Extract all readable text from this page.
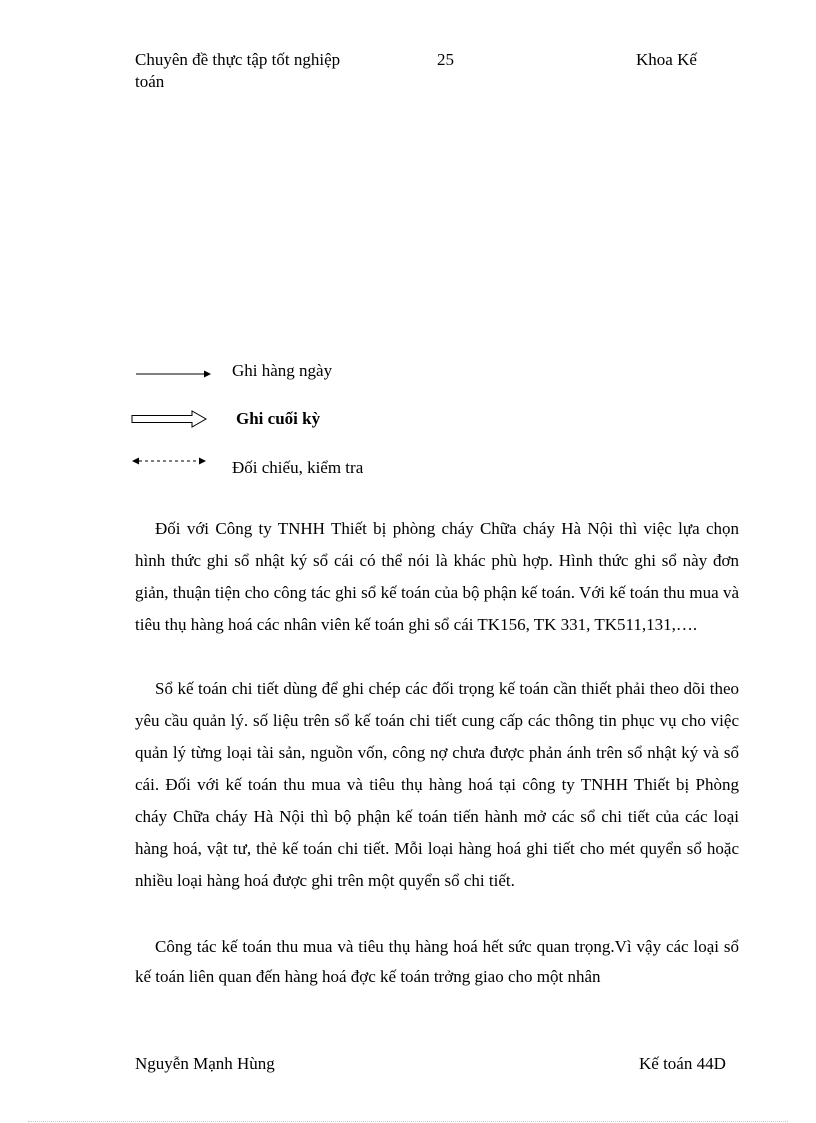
Chuyên đề thực tập tốt nghiệp
toán
25	Khoa Kế
Ghi hàng ngày
Ghi cuối kỳ
Đối chiếu, kiểm tra

Đối với Công ty TNHH Thiết bị phòng cháy Chữa cháy Hà Nội thì việc lựa chọn hình thức ghi sổ nhật ký sổ cái có thể nói là khác phù hợp. Hình thức ghi sổ này đơn giản, thuận tiện cho công tác ghi sổ kế toán của bộ phận kế toán. Với kế toán thu mua và tiêu thụ hàng hoá các nhân viên kế toán ghi sổ cái TK156, TK 331, TK511,131,….

Sổ kế toán chi tiết dùng để ghi chép các đối trọng kế toán cần thiết phải theo dõi theo yêu cầu quản lý. số liệu trên sổ kế toán chi tiết cung cấp các thông tin phục vụ cho việc quản lý từng loại tài sản, nguồn vốn, công nợ chưa được phản ánh trên sổ nhật ký và sổ cái. Đối với kế toán thu mua và tiêu thụ hàng hoá tại công ty TNHH Thiết bị Phòng cháy Chữa cháy Hà Nội thì bộ phận kế toán tiến hành mở các sổ chi tiết của các loại hàng hoá, vật tư, thẻ kế toán chi tiết. Mỗi loại hàng hoá ghi tiết cho mét quyển sổ hoặc nhiều loại hàng hoá được ghi trên một quyển sổ chi tiết.

Công tác kế toán thu mua và tiêu thụ hàng hoá hết sức quan trọng.Vì vậy các loại sổ kế toán liên quan đến hàng hoá đợc kế toán trởng giao cho một nhân

Nguyễn Mạnh Hùng	Kế toán 44D
